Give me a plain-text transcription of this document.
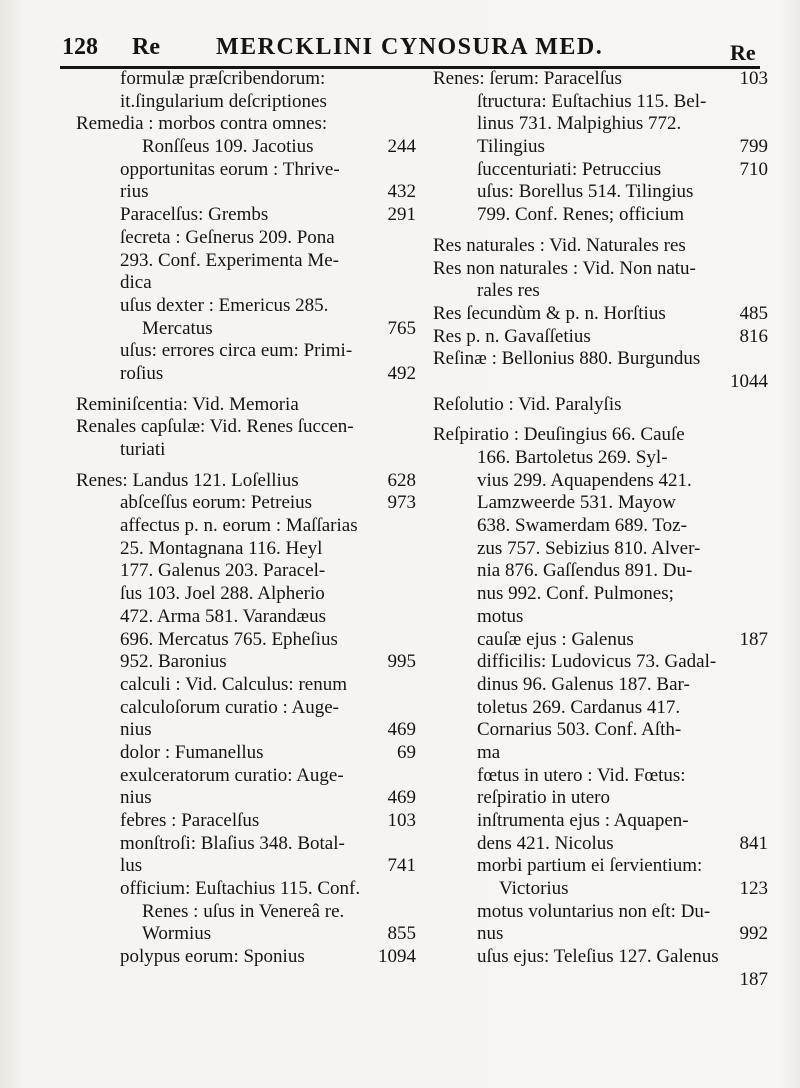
128 Re MERCKLINI CYNOSURA MED.	Re
formulæ præſcribendorum:
it.ſingularium deſcriptiones
Remedia : morbos contra omnes:
Ronſſeus 109. Jacotius	244
opportunitas eorum : Thrive-
rius	432
Paracelſus: Grembs	291
ſecreta : Geſnerus 209. Pona
293. Conf. Experimenta Me-
dica
uſus dexter : Emericus 285.
Mercatus	765
uſus: errores circa eum: Primi-
roſius	492
Reminiſcentia: Vid. Memoria
Renales capſulæ: Vid. Renes ſuccen-
turiati
Renes: Landus 121. Loſellius	628
abſceſſus eorum: Petreius	973
affectus p. n. eorum : Maſſarias
25. Montagnana 116. Heyl
177. Galenus 203. Paracel-
ſus 103. Joel 288. Alpherio
472. Arma 581. Varandæus
696. Mercatus 765. Epheſius
952. Baronius	995
calculi : Vid. Calculus: renum
calculoſorum curatio : Auge-
nius	469
dolor : Fumanellus	69
exulceratorum curatio: Auge-
nius	469
febres : Paracelſus	103
monſtroſi: Blaſius 348. Botal-
lus	741
officium: Euſtachius 115. Conf.
Renes : uſus in Venereâ re.
Wormius	855
polypus eorum: Sponius	1094
Renes: ſerum: Paracelſus	103
ſtructura: Euſtachius 115. Bel-
linus 731. Malpighius 772.
Tilingius	799
ſuccenturiati: Petruccius	710
uſus: Borellus 514. Tilingius
799. Conf. Renes; officium
Res naturales : Vid. Naturales res
Res non naturales : Vid. Non natu-
rales res
Res ſecundùm & p. n. Horſtius	485
Res p. n. Gavaſſetius	816
Reſinæ : Bellonius 880. Burgundus
1044
Reſolutio : Vid. Paralyſis
Reſpiratio : Deuſingius 66. Cauſe
166. Bartoletus 269. Syl-
vius 299. Aquapendens 421.
Lamzweerde 531. Mayow
638. Swamerdam 689. Toz-
zus 757. Sebizius 810. Alver-
nia 876. Gaſſendus 891. Du-
nus 992. Conf. Pulmones;
motus
cauſæ ejus : Galenus	187
difficilis: Ludovicus 73. Gadal-
dinus 96. Galenus 187. Bar-
toletus 269. Cardanus 417.
Cornarius 503. Conf. Aſth-
ma
fœtus in utero : Vid. Fœtus:
reſpiratio in utero
inſtrumenta ejus : Aquapen-
dens 421. Nicolus	841
morbi partium ei ſervientium:
Victorius	123
motus voluntarius non eſt: Du-
nus	992
uſus ejus: Teleſius 127. Galenus
187
